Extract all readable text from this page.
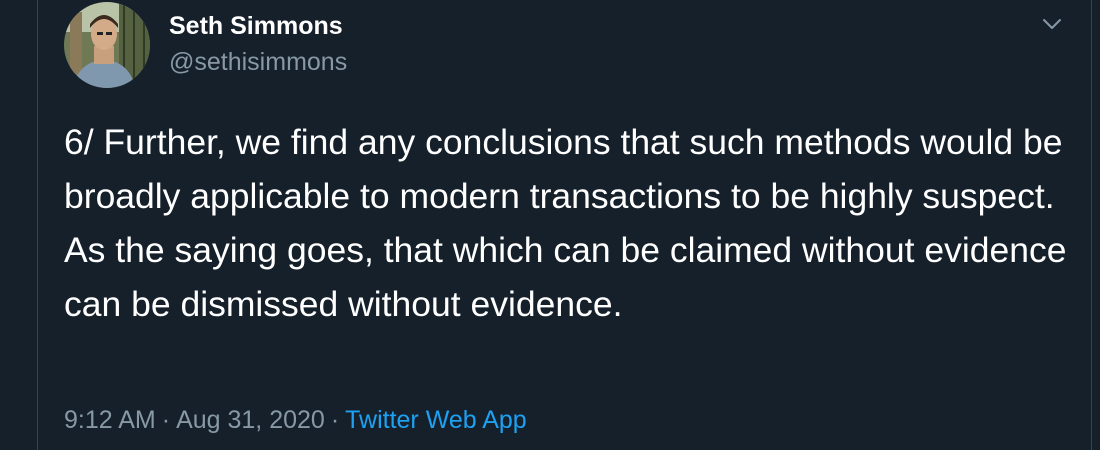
Seth Simmons
@sethisimmons
6/ Further, we find any conclusions that such methods would be broadly applicable to modern transactions to be highly suspect. As the saying goes, that which can be claimed without evidence can be dismissed without evidence.
9:12 AM · Aug 31, 2020 · Twitter Web App
